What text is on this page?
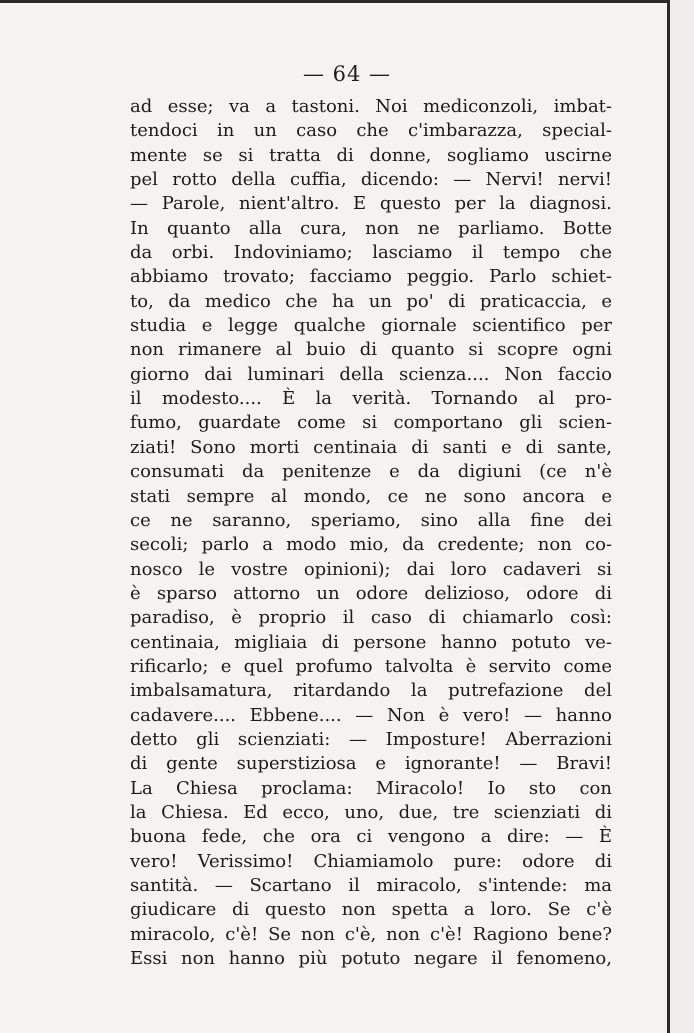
— 64 —
ad esse; va a tastoni. Noi mediconzoli, imbat-
tendoci in un caso che c'imbarazza, special-
mente se si tratta di donne, sogliamo uscirne
pel rotto della cuffia, dicendo: — Nervi! nervi!
— Parole, nient'altro. E questo per la diagnosi.
In quanto alla cura, non ne parliamo. Botte
da orbi. Indoviniamo; lasciamo il tempo che
abbiamo trovato; facciamo peggio. Parlo schiet-
to, da medico che ha un po' di praticaccia, e
studia e legge qualche giornale scientifico per
non rimanere al buio di quanto si scopre ogni
giorno dai luminari della scienza.... Non faccio
il modesto.... È la verità. Tornando al pro-
fumo, guardate come si comportano gli scien-
ziati! Sono morti centinaia di santi e di sante,
consumati da penitenze e da digiuni (ce n'è
stati sempre al mondo, ce ne sono ancora e
ce ne saranno, speriamo, sino alla fine dei
secoli; parlo a modo mio, da credente; non co-
nosco le vostre opinioni); dai loro cadaveri si
è sparso attorno un odore delizioso, odore di
paradiso, è proprio il caso di chiamarlo così:
centinaia, migliaia di persone hanno potuto ve-
rificarlo; e quel profumo talvolta è servito come
imbalsamatura, ritardando la putrefazione del
cadavere.... Ebbene.... — Non è vero! — hanno
detto gli scienziati: — Imposture! Aberrazioni
di gente superstiziosa e ignorante! — Bravi!
La Chiesa proclama: Miracolo! Io sto con
la Chiesa. Ed ecco, uno, due, tre scienziati di
buona fede, che ora ci vengono a dire: — È
vero! Verissimo! Chiamiamolo pure: odore di
santità. — Scartano il miracolo, s'intende: ma
giudicare di questo non spetta a loro. Se c'è
miracolo, c'è! Se non c'è, non c'è! Ragiono bene?
Essi non hanno più potuto negare il fenomeno,
